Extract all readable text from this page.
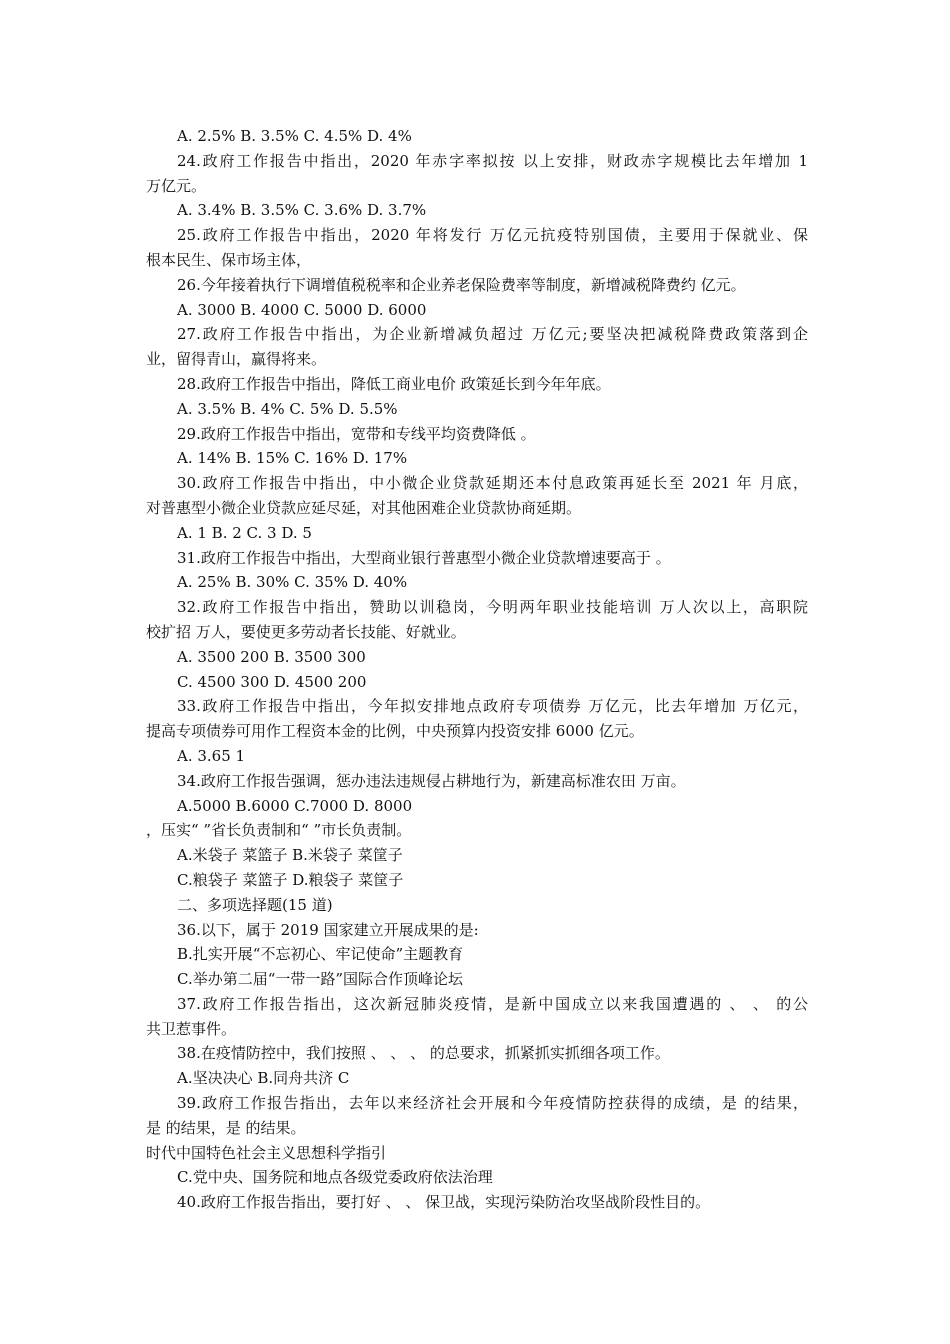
A. 2.5% B. 3.5% C. 4.5% D. 4%
24.政府工作报告中指出，2020 年赤字率拟按 以上安排，财政赤字规模比去年增加 1
万亿元。
A. 3.4% B. 3.5% C. 3.6% D. 3.7%
25.政府工作报告中指出，2020 年将发行 万亿元抗疫特别国债，主要用于保就业、保
根本民生、保市场主体，
26.今年接着执行下调增值税税率和企业养老保险费率等制度，新增减税降费约 亿元。
A. 3000 B. 4000 C. 5000 D. 6000
27.政府工作报告中指出，为企业新增减负超过 万亿元;要坚决把减税降费政策落到企
业，留得青山，赢得将来。
28.政府工作报告中指出，降低工商业电价 政策延长到今年年底。
A. 3.5% B. 4% C. 5% D. 5.5%
29.政府工作报告中指出，宽带和专线平均资费降低 。
A. 14% B. 15% C. 16% D. 17%
30.政府工作报告中指出，中小微企业贷款延期还本付息政策再延长至 2021 年 月底，
对普惠型小微企业贷款应延尽延，对其他困难企业贷款协商延期。
A. 1 B. 2 C. 3 D. 5
31.政府工作报告中指出，大型商业银行普惠型小微企业贷款增速要高于 。
A. 25% B. 30% C. 35% D. 40%
32.政府工作报告中指出，赞助以训稳岗，今明两年职业技能培训 万人次以上，高职院
校扩招 万人，要使更多劳动者长技能、好就业。
A. 3500 200 B. 3500 300
C. 4500 300 D. 4500 200
33.政府工作报告中指出，今年拟安排地点政府专项债券 万亿元，比去年增加 万亿元，
提高专项债券可用作工程资本金的比例，中央预算内投资安排 6000 亿元。
A. 3.65 1
34.政府工作报告强调，惩办违法违规侵占耕地行为，新建高标准农田 万亩。
A.5000 B.6000 C.7000 D. 8000
，压实“ ”省长负责制和“ ”市长负责制。
A.米袋子 菜篮子 B.米袋子 菜筐子
C.粮袋子 菜篮子 D.粮袋子 菜筐子
二、多项选择题(15 道)
36.以下，属于 2019 国家建立开展成果的是:
B.扎实开展“不忘初心、牢记使命”主题教育
C.举办第二届“一带一路”国际合作顶峰论坛
37.政府工作报告指出，这次新冠肺炎疫情，是新中国成立以来我国遭遇的 、 、 的公
共卫惹事件。
38.在疫情防控中，我们按照 、 、 、 的总要求，抓紧抓实抓细各项工作。
A.坚决决心 B.同舟共济 C
39.政府工作报告指出，去年以来经济社会开展和今年疫情防控获得的成绩，是 的结果，
是 的结果，是 的结果。
时代中国特色社会主义思想科学指引
C.党中央、国务院和地点各级党委政府依法治理
40.政府工作报告指出，要打好 、 、 保卫战，实现污染防治攻坚战阶段性目的。
